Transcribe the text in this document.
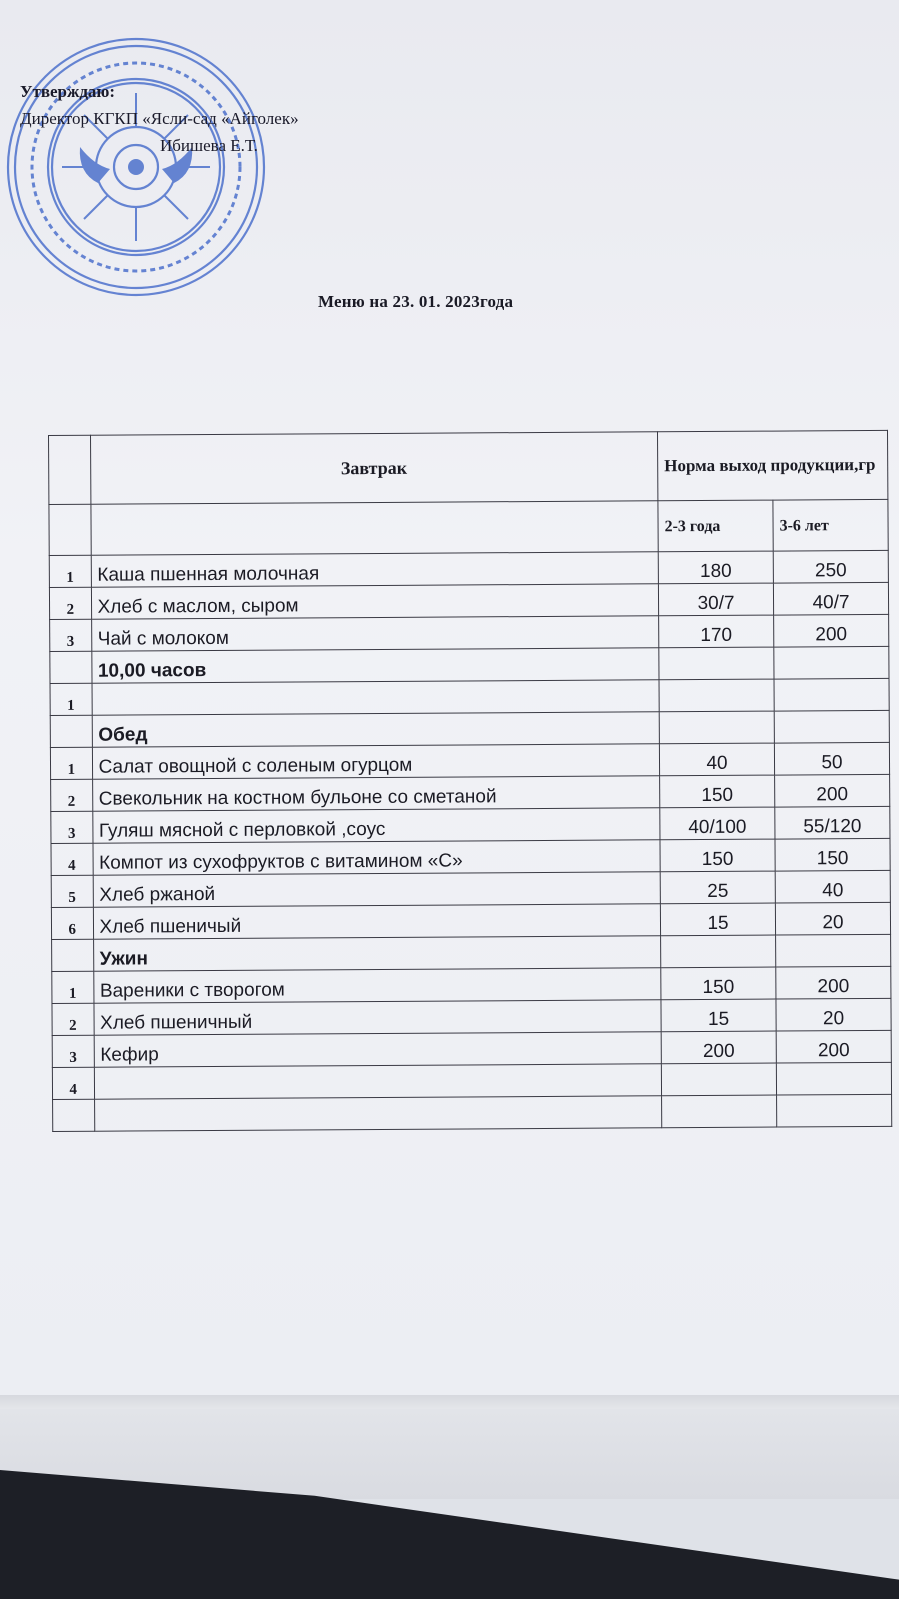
Утверждаю:
Директор КГКП «Ясли-сад «Айголек»
Ибишева Е.Т.
Меню на 23. 01. 2023года
	Завтрак	Норма выход продукции,гр	
		2-3 года	3-6 лет
1	Каша пшенная молочная	180	250
2	Хлеб с маслом, сыром	30/7	40/7
3	Чай с молоком	170	200
	10,00 часов		
1			
	Обед		
1	Салат овощной с соленым огурцом	40	50
2	Свекольник на костном бульоне со сметаной	150	200
3	Гуляш мясной с перловкой ,соус	40/100	55/120
4	Компот из сухофруктов с витамином «С»	150	150
5	Хлеб ржаной	25	40
6	Хлеб пшеничый	15	20
	Ужин		
1	Вареники с творогом	150	200
2	Хлеб пшеничный	15	20
3	Кефир	200	200
4			
